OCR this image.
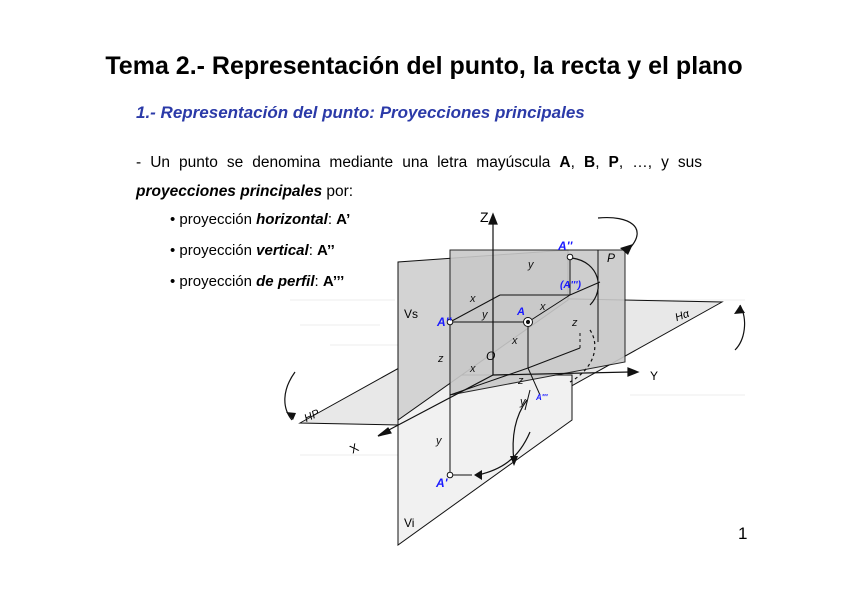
Tema 2.- Representación del punto, la recta y el plano
1.- Representación del punto: Proyecciones principales
- Un punto se denomina mediante una letra mayúscula A, B, P, …, y sus proyecciones principales por:
• proyección horizontal: A’
• proyección vertical: A’’
• proyección de perfil: A’’’
Z
X
Y
O
HP
Vs
Vi
P
Hα
y
x
y
x
z
x
z
x
z
y
y
A''
(A''')
A''
A
A'''
A'
1
